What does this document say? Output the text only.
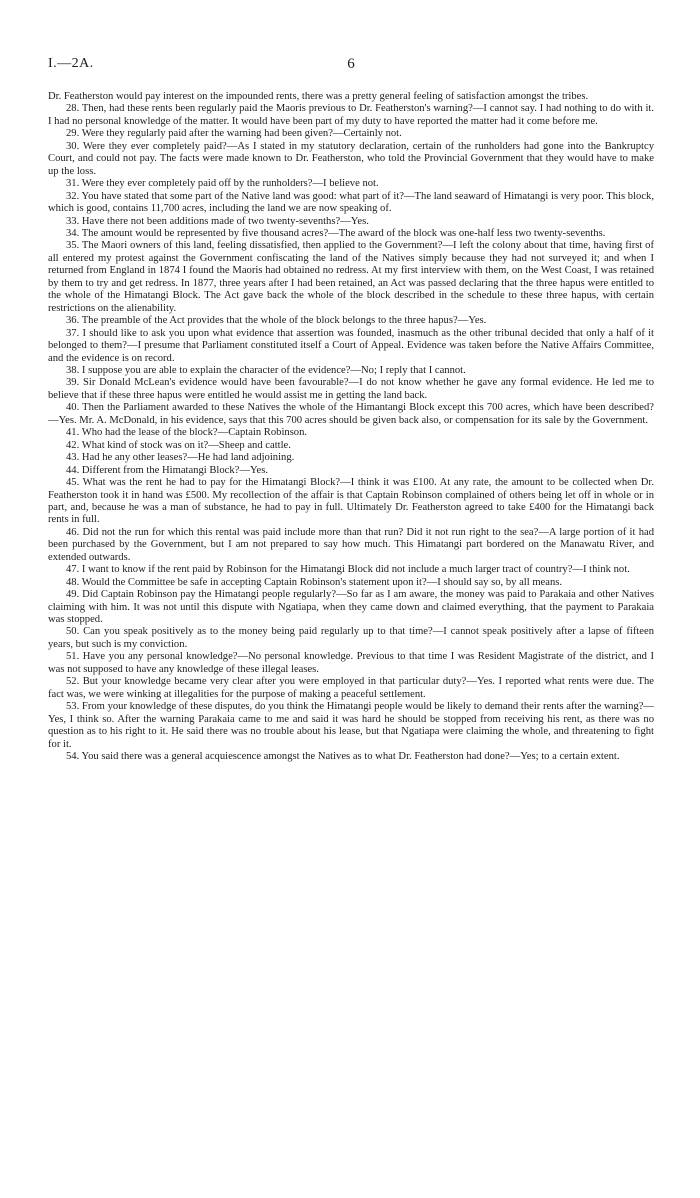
I.—2A.	6

Dr. Featherston would pay interest on the impounded rents, there was a pretty general feeling of satisfaction amongst the tribes.

28. Then, had these rents been regularly paid the Maoris previous to Dr. Featherston's warning?—I cannot say. I had nothing to do with it. I had no personal knowledge of the matter. It would have been part of my duty to have reported the matter had it come before me.

29. Were they regularly paid after the warning had been given?—Certainly not.

30. Were they ever completely paid?—As I stated in my statutory declaration, certain of the runholders had gone into the Bankruptcy Court, and could not pay. The facts were made known to Dr. Featherston, who told the Provincial Government that they would have to make up the loss.

31. Were they ever completely paid off by the runholders?—I believe not.

32. You have stated that some part of the Native land was good: what part of it?—The land seaward of Himatangi is very poor. This block, which is good, contains 11,700 acres, including the land we are now speaking of.

33. Have there not been additions made of two twenty-sevenths?—Yes.

34. The amount would be represented by five thousand acres?—The award of the block was one-half less two twenty-sevenths.

35. The Maori owners of this land, feeling dissatisfied, then applied to the Government?—I left the colony about that time, having first of all entered my protest against the Government confiscating the land of the Natives simply because they had not surveyed it; and when I returned from England in 1874 I found the Maoris had obtained no redress. At my first interview with them, on the West Coast, I was retained by them to try and get redress. In 1877, three years after I had been retained, an Act was passed declaring that the three hapus were entitled to the whole of the Himatangi Block. The Act gave back the whole of the block described in the schedule to these three hapus, with certain restrictions on the alienability.

36. The preamble of the Act provides that the whole of the block belongs to the three hapus?—Yes.

37. I should like to ask you upon what evidence that assertion was founded, inasmuch as the other tribunal decided that only a half of it belonged to them?—I presume that Parliament constituted itself a Court of Appeal. Evidence was taken before the Native Affairs Committee, and the evidence is on record.

38. I suppose you are able to explain the character of the evidence?—No; I reply that I cannot.

39. Sir Donald McLean's evidence would have been favourable?—I do not know whether he gave any formal evidence. He led me to believe that if these three hapus were entitled he would assist me in getting the land back.

40. Then the Parliament awarded to these Natives the whole of the Himantangi Block except this 700 acres, which have been described?—Yes. Mr. A. McDonald, in his evidence, says that this 700 acres should be given back also, or compensation for its sale by the Government.

41. Who had the lease of the block?—Captain Robinson.

42. What kind of stock was on it?—Sheep and cattle.

43. Had he any other leases?—He had land adjoining.

44. Different from the Himatangi Block?—Yes.

45. What was the rent he had to pay for the Himatangi Block?—I think it was £100. At any rate, the amount to be collected when Dr. Featherston took it in hand was £500. My recollection of the affair is that Captain Robinson complained of others being let off in whole or in part, and, because he was a man of substance, he had to pay in full. Ultimately Dr. Featherston agreed to take £400 for the Himatangi back rents in full.

46. Did not the run for which this rental was paid include more than that run? Did it not run right to the sea?—A large portion of it had been purchased by the Government, but I am not prepared to say how much. This Himatangi part bordered on the Manawatu River, and extended outwards.

47. I want to know if the rent paid by Robinson for the Himatangi Block did not include a much larger tract of country?—I think not.

48. Would the Committee be safe in accepting Captain Robinson's statement upon it?—I should say so, by all means.

49. Did Captain Robinson pay the Himatangi people regularly?—So far as I am aware, the money was paid to Parakaia and other Natives claiming with him. It was not until this dispute with Ngatiapa, when they came down and claimed everything, that the payment to Parakaia was stopped.

50. Can you speak positively as to the money being paid regularly up to that time?—I cannot speak positively after a lapse of fifteen years, but such is my conviction.

51. Have you any personal knowledge?—No personal knowledge. Previous to that time I was Resident Magistrate of the district, and I was not supposed to have any knowledge of these illegal leases.

52. But your knowledge became very clear after you were employed in that particular duty?—Yes. I reported what rents were due. The fact was, we were winking at illegalities for the purpose of making a peaceful settlement.

53. From your knowledge of these disputes, do you think the Himatangi people would be likely to demand their rents after the warning?—Yes, I think so. After the warning Parakaia came to me and said it was hard he should be stopped from receiving his rent, as there was no question as to his right to it. He said there was no trouble about his lease, but that Ngatiapa were claiming the whole, and threatening to fight for it.

54. You said there was a general acquiescence amongst the Natives as to what Dr. Featherston had done?—Yes; to a certain extent.
